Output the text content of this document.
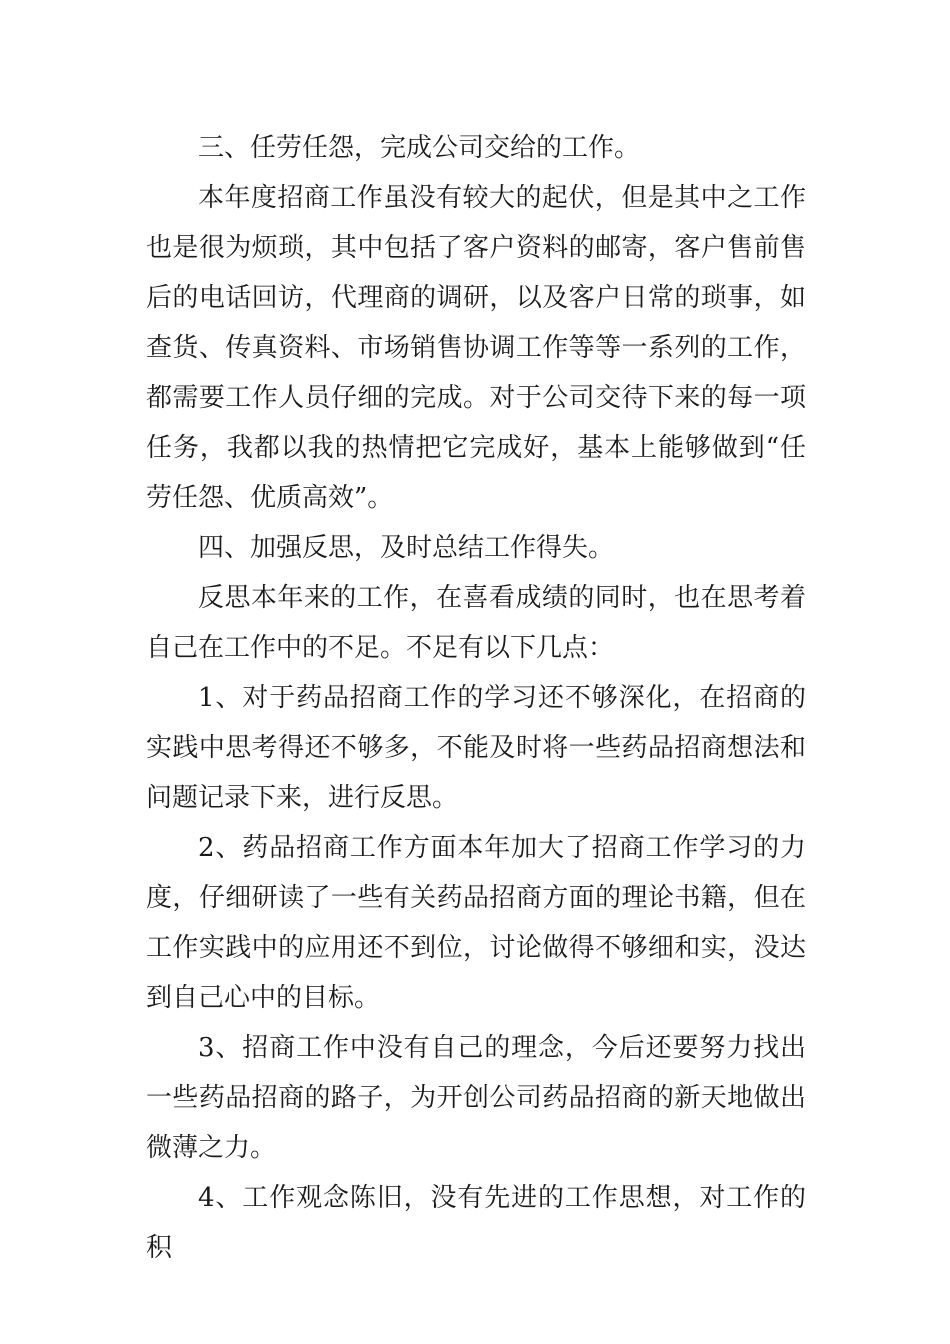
三、任劳任怨，完成公司交给的工作。

本年度招商工作虽没有较大的起伏，但是其中之工作也是很为烦琐，其中包括了客户资料的邮寄，客户售前售后的电话回访，代理商的调研，以及客户日常的琐事，如查货、传真资料、市场销售协调工作等等一系列的工作，都需要工作人员仔细的完成。对于公司交待下来的每一项任务，我都以我的热情把它完成好，基本上能够做到“任劳任怨、优质高效”。

四、加强反思，及时总结工作得失。

反思本年来的工作，在喜看成绩的同时，也在思考着自己在工作中的不足。不足有以下几点：

1、对于药品招商工作的学习还不够深化，在招商的实践中思考得还不够多，不能及时将一些药品招商想法和问题记录下来，进行反思。

2、药品招商工作方面本年加大了招商工作学习的力度，仔细研读了一些有关药品招商方面的理论书籍，但在工作实践中的应用还不到位，讨论做得不够细和实，没达到自己心中的目标。

3、招商工作中没有自己的理念，今后还要努力找出一些药品招商的路子，为开创公司药品招商的新天地做出微薄之力。

4、工作观念陈旧，没有先进的工作思想，对工作的积
